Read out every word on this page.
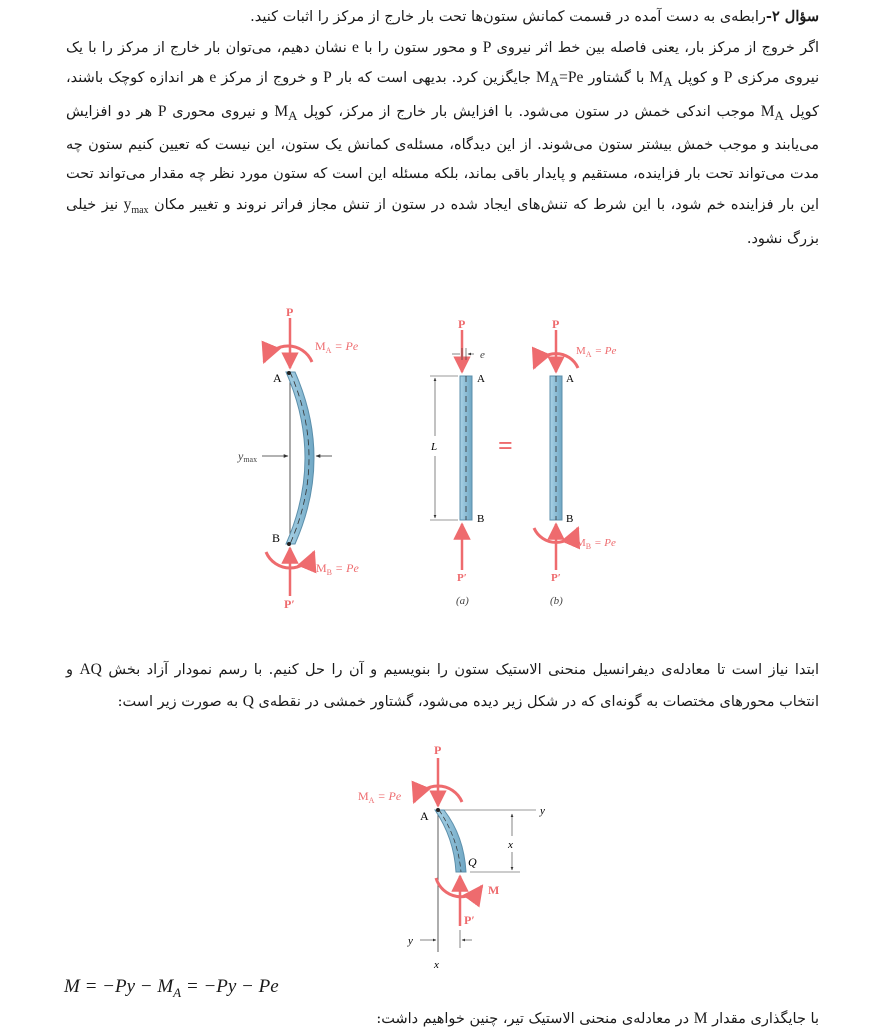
سؤال ۲-رابطه‌ی به دست آمده در قسمت کمانش ستون‌ها تحت بار خارج از مرکز را اثبات کنید.
اگر خروج از مرکز بار، یعنی فاصله بین خط اثر نیروی P و محور ستون را با e نشان دهیم، می‌توان بار خارج از مرکز را با یک نیروی مرکزی P و کوپل $M_A$ با گشتاور $M_A=Pe$ جایگزین کرد. بدیهی است که بار P و خروج از مرکز e هر اندازه کوچک باشند، کوپل $M_A$ موجب اندکی خمش در ستون می‌شود. با افزایش بار خارج از مرکز، کوپل $M_A$ و نیروی محوری P هر دو افزایش می‌یابند و موجب خمش بیشتر ستون می‌شوند. از این دیدگاه، مسئله‌ی کمانش یک ستون، این نیست که تعیین کنیم ستون چه مدت می‌تواند تحت بار فزاینده، مستقیم و پایدار باقی بماند، بلکه مسئله این است که ستون مورد نظر چه مقدار می‌تواند تحت این بار فزاینده خم شود، با این شرط که تنش‌های ایجاد شده در ستون از تنش مجاز فراتر نروند و تغییر مکان $y_{max}$ نیز خیلی بزرگ نشود.

P
$M_A = Pe$
A
ymax
B
P′
$M_B = Pe$
P
e
A
B
L
P′
(a)
=
P
$M_A = Pe$
A
B
$M_B = Pe$
P′
(b)

ابتدا نیاز است تا معادله‌ی دیفرانسیل منحنی الاستیک ستون را بنویسیم و آن را حل کنیم. با رسم نمودار آزاد بخش AQ و انتخاب محورهای مختصات به گونه‌ای که در شکل زیر دیده می‌شود، گشتاور خمشی در نقطه‌ی Q به صورت زیر است:

x
y
A
P
$M_A = Pe$
x
Q
P′
M
y
$M = -Py - M_A = -Py - Pe$

با جایگذاری مقدار M در معادله‌ی منحنی الاستیک تیر، چنین خواهیم داشت:
